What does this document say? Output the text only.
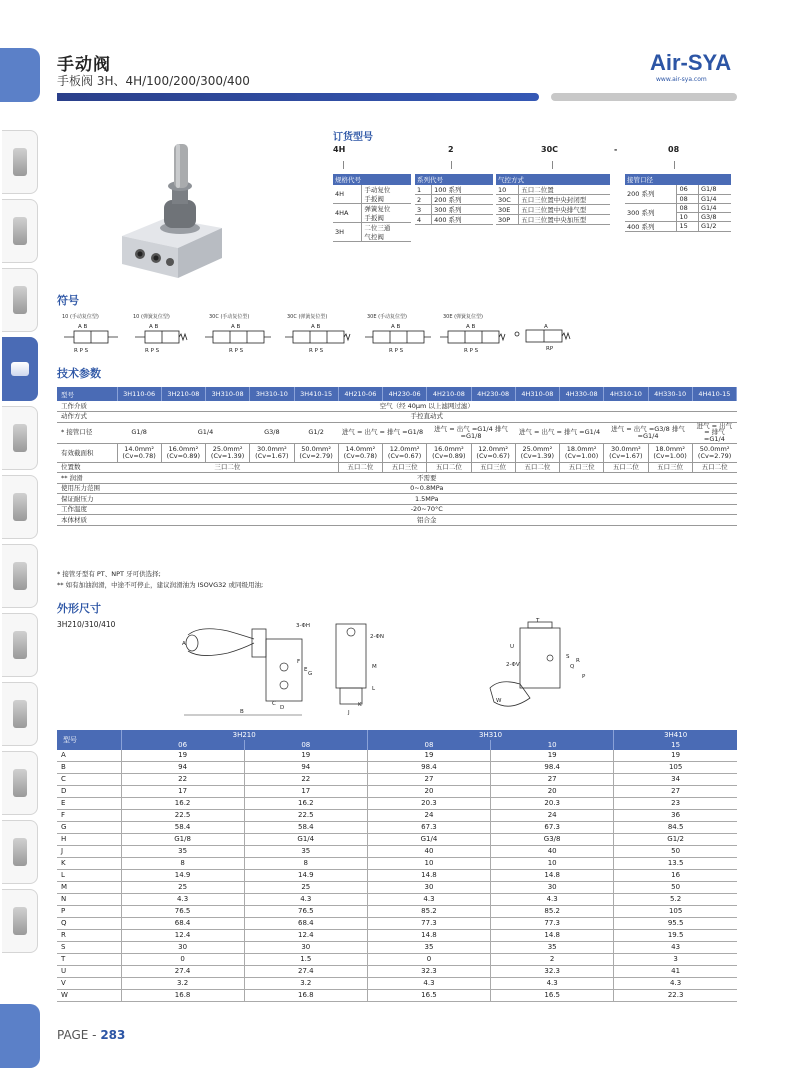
手动阀
手板阀 3H、4H/100/200/300/400
Air-SYA
www.air-sya.com
订货型号
4H	2	30C	-	08
规格代号	
4H	手动复位
	手扳阀
4HA	弹簧复位
	手扳阀
3H	二位三通
	气控阀
系列代号	
1	100 系列
2	200 系列
3	300 系列
4	400 系列
气控方式	
10	五口二位置
30C	五口三位置中央封闭型
30E	五口三位置中央排气型
30P	五口三位置中央加压型
接管口径		
200 系列	06	G1/8
	08	G1/4
300 系列	08	G1/4
	10	G3/8
400 系列	15	G1/2
符号
10 (手动复位型)	10 (弹簧复位型)	30C (手动复位型)	30C (弹簧复位型)	30E (手动复位型)	30E (弹簧复位型)
A B
R P S
A B
R P S
A B
R P S
A B
R P S
A B
R P S
A B
R P S
A
RP
技术参数
型号	3H110-06	3H210-08	3H310-08	3H310-10	3H410-15	4H210-06	4H230-06	4H210-08	4H230-08	4H310-08	4H330-08	4H310-10	4H330-10	4H410-15
工作介质	空气（经 40μm 以上滤网过滤）													
动作方式	手控直动式													
* 接管口径	G1/8	G1/4		G3/8	G1/2	进气 = 出气 = 排气 =G1/8		进气 = 出气 =G1/4 排气 =G1/8		进气 = 出气 = 排气 =G1/4		进气 = 出气 =G3/8 排气 =G1/4		进气 = 出气 = 排气 =G1/4
有效截面积	14.0mm² (Cv=0.78)	16.0mm² (Cv=0.89)	25.0mm² (Cv=1.39)	30.0mm² (Cv=1.67)	50.0mm² (Cv=2.79)	14.0mm² (Cv=0.78)	12.0mm² (Cv=0.67)	16.0mm² (Cv=0.89)	12.0mm² (Cv=0.67)	25.0mm² (Cv=1.39)	18.0mm² (Cv=1.00)	30.0mm² (Cv=1.67)	18.0mm² (Cv=1.00)	50.0mm² (Cv=2.79)
位置数	三口二位					五口二位	五口三位	五口二位	五口三位	五口二位	五口三位	五口二位	五口三位	五口二位
** 润滑	不需要													
使用压力范围	0~0.8MPa													
保证耐压力	1.5MPa													
工作温度	-20~70°C													
本体材质	铝合金													
* 接管牙型有 PT、NPT 牙可供选择;
** 如有加油润滑，中途不可停止，建议润滑油为 ISOVG32 或同级用油;
外形尺寸
3H210/310/410
B
A
D
C
E
F
G
3-ΦH
2-ΦN
M
L
K
J
T
2-ΦV
U
W
S
Q
R
P
型号	3H210		3H310		3H410
	06	08	08	10	15
A	19	19	19	19	19
B	94	94	98.4	98.4	105
C	22	22	27	27	34
D	17	17	20	20	27
E	16.2	16.2	20.3	20.3	23
F	22.5	22.5	24	24	36
G	58.4	58.4	67.3	67.3	84.5
H	G1/8	G1/4	G1/4	G3/8	G1/2
J	35	35	40	40	50
K	8	8	10	10	13.5
L	14.9	14.9	14.8	14.8	16
M	25	25	30	30	50
N	4.3	4.3	4.3	4.3	5.2
P	76.5	76.5	85.2	85.2	105
Q	68.4	68.4	77.3	77.3	95.5
R	12.4	12.4	14.8	14.8	19.5
S	30	30	35	35	43
T	0	1.5	0	2	3
U	27.4	27.4	32.3	32.3	41
V	3.2	3.2	4.3	4.3	4.3
W	16.8	16.8	16.5	16.5	22.3
PAGE - 283
